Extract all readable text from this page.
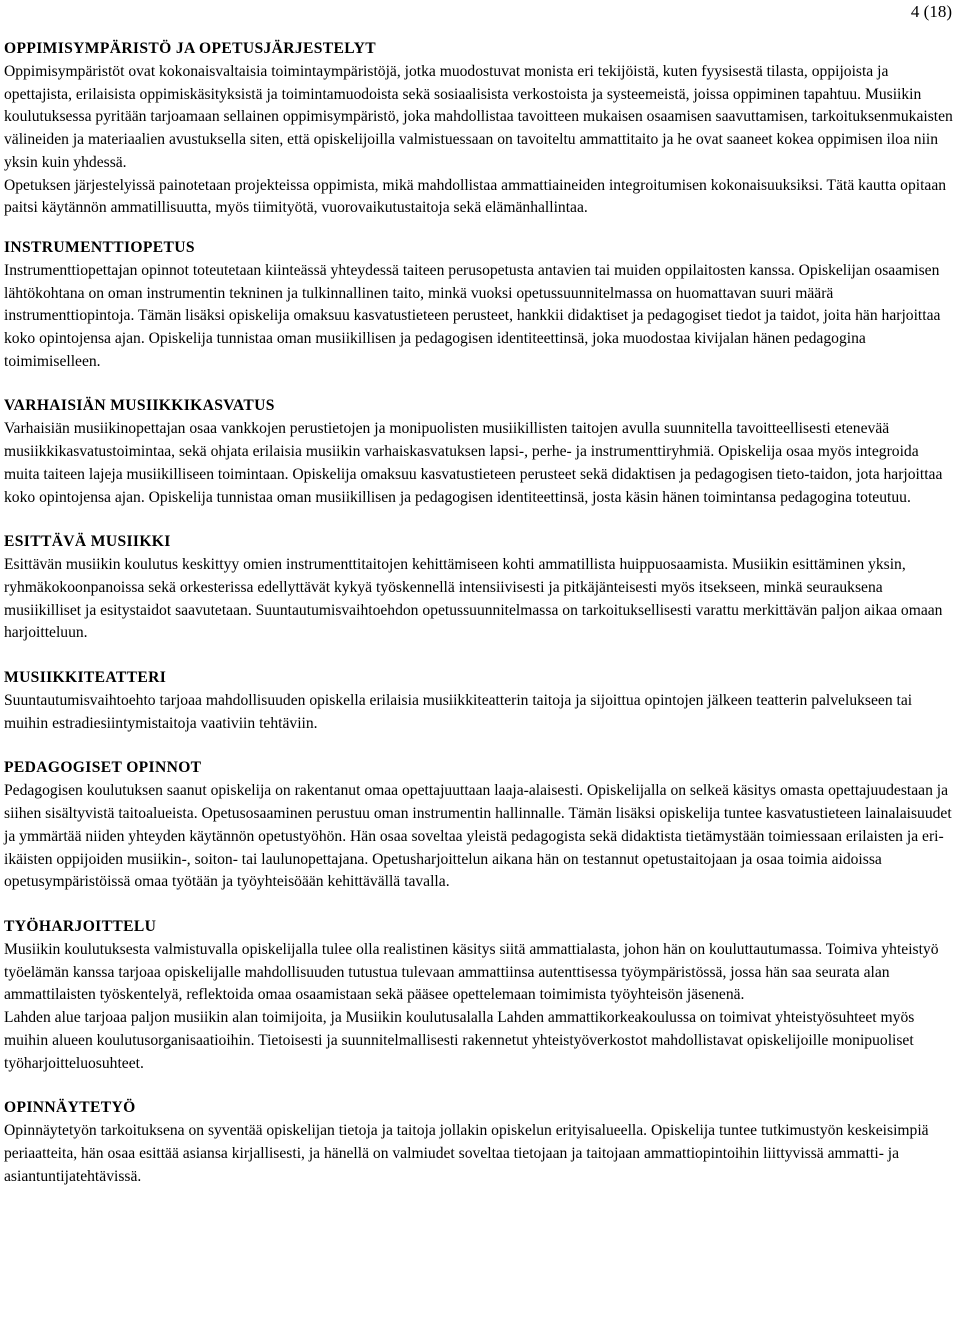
4 (18)
OPPIMISYMPÄRISTÖ JA OPETUSJÄRJESTELYT

Oppimisympäristöt ovat kokonaisvaltaisia toimintaympäristöjä, jotka muodostuvat monista eri tekijöistä, kuten fyysisestä tilasta, oppijoista ja opettajista, erilaisista oppimiskäsityksistä ja toimintamuodoista sekä sosiaalisista verkostoista ja systeemeistä, joissa oppiminen tapahtuu. Musiikin koulutuksessa pyritään tarjoamaan sellainen oppimisympäristö, joka mahdollistaa tavoitteen mukaisen osaamisen saavuttamisen, tarkoituksenmukaisten välineiden ja materiaalien avustuksella siten, että opiskelijoilla valmistuessaan on tavoiteltu ammattitaito ja he ovat saaneet kokea oppimisen iloa niin yksin kuin yhdessä.

Opetuksen järjestelyissä painotetaan projekteissa oppimista, mikä mahdollistaa ammattiaineiden integroitumisen kokonaisuuksiksi. Tätä kautta opitaan paitsi käytännön ammatillisuutta, myös tiimityötä, vuorovaikutustaitoja sekä elämänhallintaa.

INSTRUMENTTIOPETUS

Instrumenttiopettajan opinnot toteutetaan kiinteässä yhteydessä taiteen perusopetusta antavien tai muiden oppilaitosten kanssa. Opiskelijan osaamisen lähtökohtana on oman instrumentin tekninen ja tulkinnallinen taito, minkä vuoksi opetussuunnitelmassa on huomattavan suuri määrä instrumenttiopintoja. Tämän lisäksi opiskelija omaksuu kasvatustieteen perusteet, hankkii didaktiset ja pedagogiset tiedot ja taidot, joita hän harjoittaa koko opintojensa ajan. Opiskelija tunnistaa oman musiikillisen ja pedagogisen identiteettinsä, joka muodostaa kivijalan hänen pedagogina toimimiselleen.

VARHAISIÄN MUSIIKKIKASVATUS

Varhaisiän musiikinopettajan osaa vankkojen perustietojen ja monipuolisten musiikillisten taitojen avulla suunnitella tavoitteellisesti etenevää musiikkikasvatustoimintaa, sekä ohjata erilaisia musiikin varhaiskasvatuksen lapsi-, perhe- ja instrumenttiryhmiä. Opiskelija osaa myös integroida muita taiteen lajeja musiikilliseen toimintaan. Opiskelija omaksuu kasvatustieteen perusteet sekä didaktisen ja pedagogisen tieto-taidon, jota harjoittaa koko opintojensa ajan. Opiskelija tunnistaa oman musiikillisen ja pedagogisen identiteettinsä, josta käsin hänen toimintansa pedagogina toteutuu.

ESITTÄVÄ MUSIIKKI

Esittävän musiikin koulutus keskittyy omien instrumenttitaitojen kehittämiseen kohti ammatillista huippuosaamista. Musiikin esittäminen yksin, ryhmäkokoonpanoissa sekä orkesterissa edellyttävät kykyä työskennellä intensiivisesti ja pitkäjänteisesti myös itsekseen, minkä seurauksena musiikilliset ja esitystaidot saavutetaan. Suuntautumisvaihtoehdon opetussuunnitelmassa on tarkoituksellisesti varattu merkittävän paljon aikaa omaan harjoitteluun.

MUSIIKKITEATTERI

Suuntautumisvaihtoehto tarjoaa mahdollisuuden opiskella erilaisia musiikkiteatterin taitoja ja sijoittua opintojen jälkeen teatterin palvelukseen tai muihin estradiesiintymistaitoja vaativiin tehtäviin.

PEDAGOGISET OPINNOT

Pedagogisen koulutuksen saanut opiskelija on rakentanut omaa opettajuuttaan laaja-alaisesti. Opiskelijalla on selkeä käsitys omasta opettajuudestaan ja siihen sisältyvistä taitoalueista. Opetusosaaminen perustuu oman instrumentin hallinnalle. Tämän lisäksi opiskelija tuntee kasvatustieteen lainalaisuudet ja ymmärtää niiden yhteyden käytännön opetustyöhön. Hän osaa soveltaa yleistä pedagogista sekä didaktista tietämystään toimiessaan erilaisten ja eri-ikäisten oppijoiden musiikin-, soiton- tai laulunopettajana. Opetusharjoittelun aikana hän on testannut opetustaitojaan ja osaa toimia aidoissa opetusympäristöissä omaa työtään ja työyhteisöään kehittävällä tavalla.

TYÖHARJOITTELU

Musiikin koulutuksesta valmistuvalla opiskelijalla tulee olla realistinen käsitys siitä ammattialasta, johon hän on kouluttautumassa. Toimiva yhteistyö työelämän kanssa tarjoaa opiskelijalle mahdollisuuden tutustua tulevaan ammattiinsa autenttisessa työympäristössä, jossa hän saa seurata alan ammattilaisten työskentelyä, reflektoida omaa osaamistaan sekä pääsee opettelemaan toimimista työyhteisön jäsenenä.

Lahden alue tarjoaa paljon musiikin alan toimijoita, ja Musiikin koulutusalalla Lahden ammattikorkeakoulussa on toimivat yhteistyösuhteet myös muihin alueen koulutusorganisaatioihin. Tietoisesti ja suunnitelmallisesti rakennetut yhteistyöverkostot mahdollistavat opiskelijoille monipuoliset työharjoitteluosuhteet.

OPINNÄYTETYÖ

Opinnäytetyön tarkoituksena on syventää opiskelijan tietoja ja taitoja jollakin opiskelun erityisalueella. Opiskelija tuntee tutkimustyön keskeisimpiä periaatteita, hän osaa esittää asiansa kirjallisesti, ja hänellä on valmiudet soveltaa tietojaan ja taitojaan ammattiopintoihin liittyvissä ammatti- ja asiantuntijatehtävissä.
